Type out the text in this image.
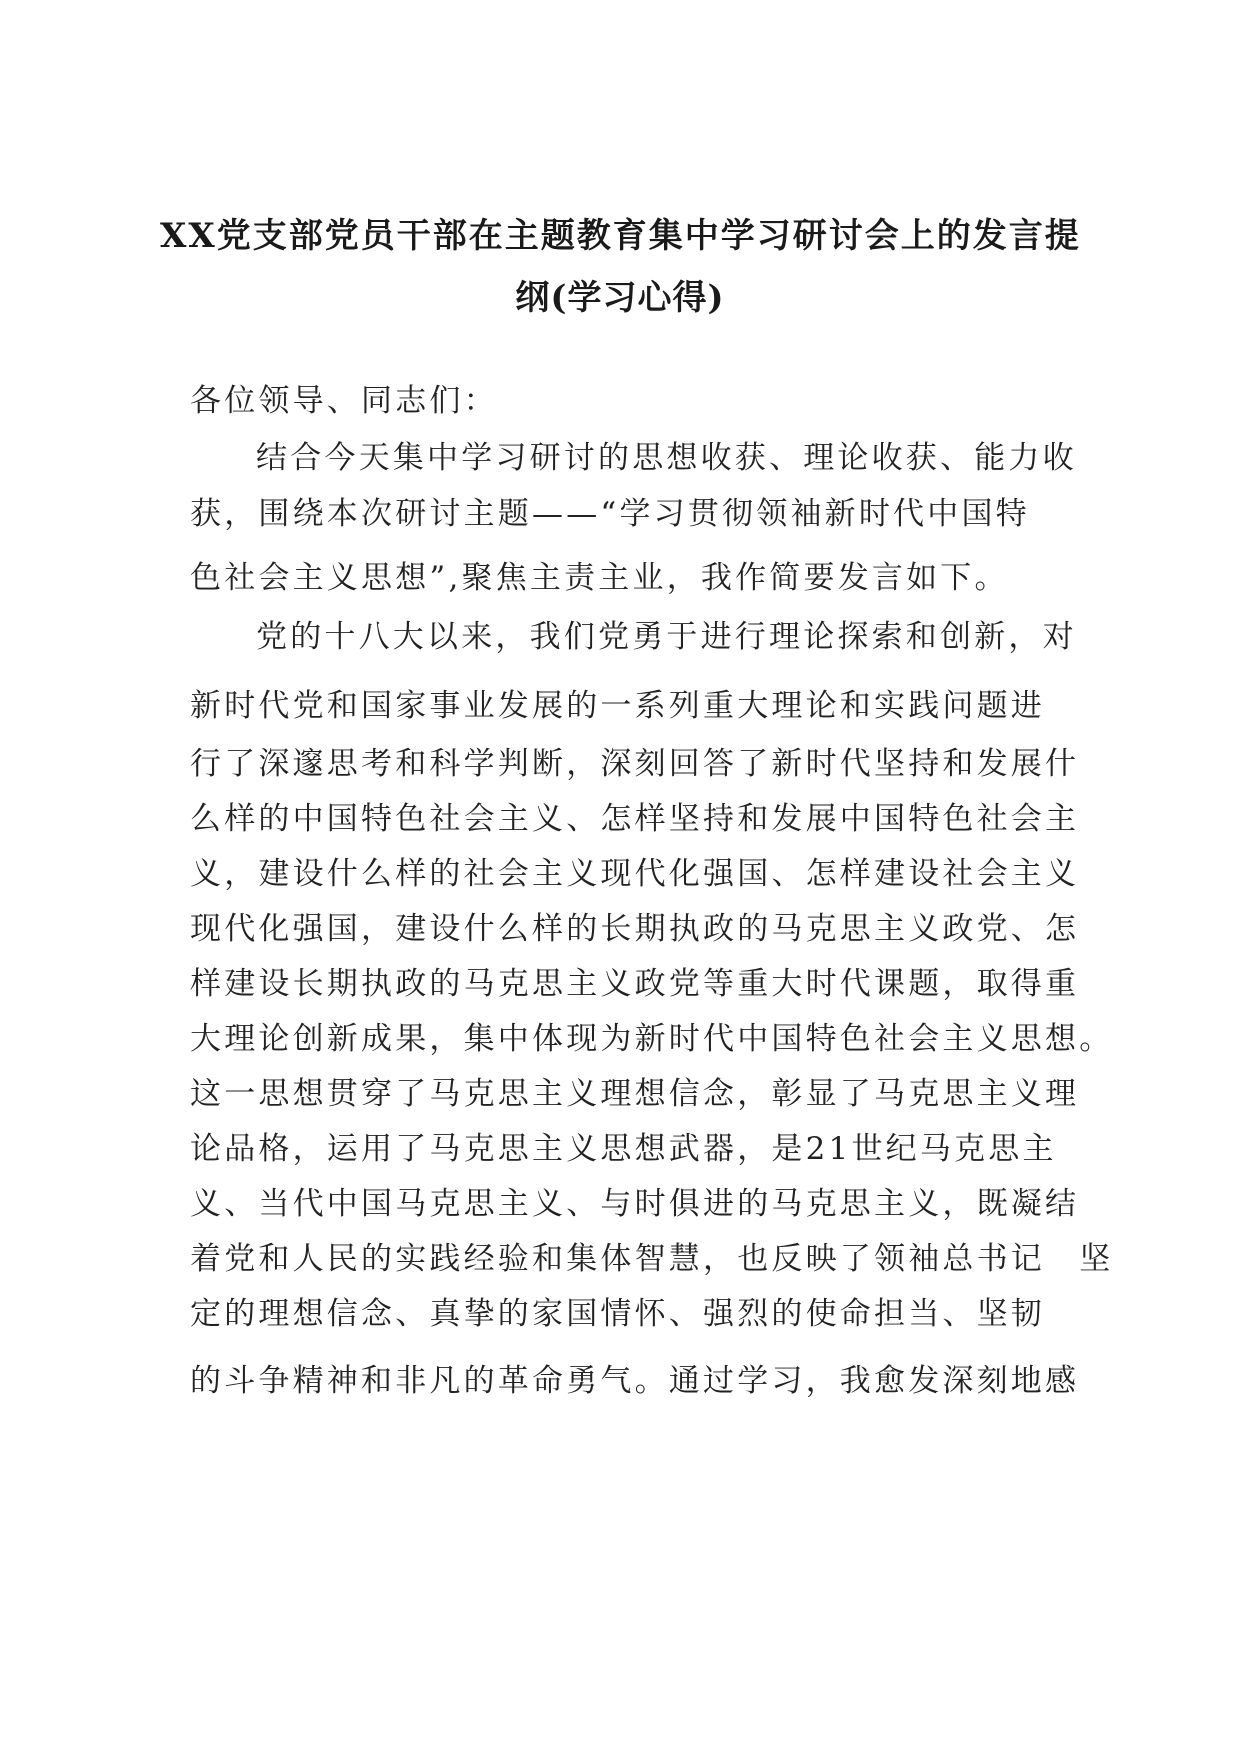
XX党支部党员干部在主题教育集中学习研讨会上的发言提
纲(学习心得)

各位领导、同志们：

结合今天集中学习研讨的思想收获、理论收获、能力收

获，围绕本次研讨主题——“学习贯彻领袖新时代中国特

色社会主义思想”,聚焦主责主业，我作简要发言如下。

党的十八大以来，我们党勇于进行理论探索和创新，对

新时代党和国家事业发展的一系列重大理论和实践问题进

行了深邃思考和科学判断，深刻回答了新时代坚持和发展什

么样的中国特色社会主义、怎样坚持和发展中国特色社会主

义，建设什么样的社会主义现代化强国、怎样建设社会主义

现代化强国，建设什么样的长期执政的马克思主义政党、怎

样建设长期执政的马克思主义政党等重大时代课题，取得重

大理论创新成果，集中体现为新时代中国特色社会主义思想。

这一思想贯穿了马克思主义理想信念，彰显了马克思主义理

论品格，运用了马克思主义思想武器，是21世纪马克思主

义、当代中国马克思主义、与时俱进的马克思主义，既凝结

着党和人民的实践经验和集体智慧，也反映了领袖总书记　坚

定的理想信念、真挚的家国情怀、强烈的使命担当、坚韧

的斗争精神和非凡的革命勇气。通过学习，我愈发深刻地感
